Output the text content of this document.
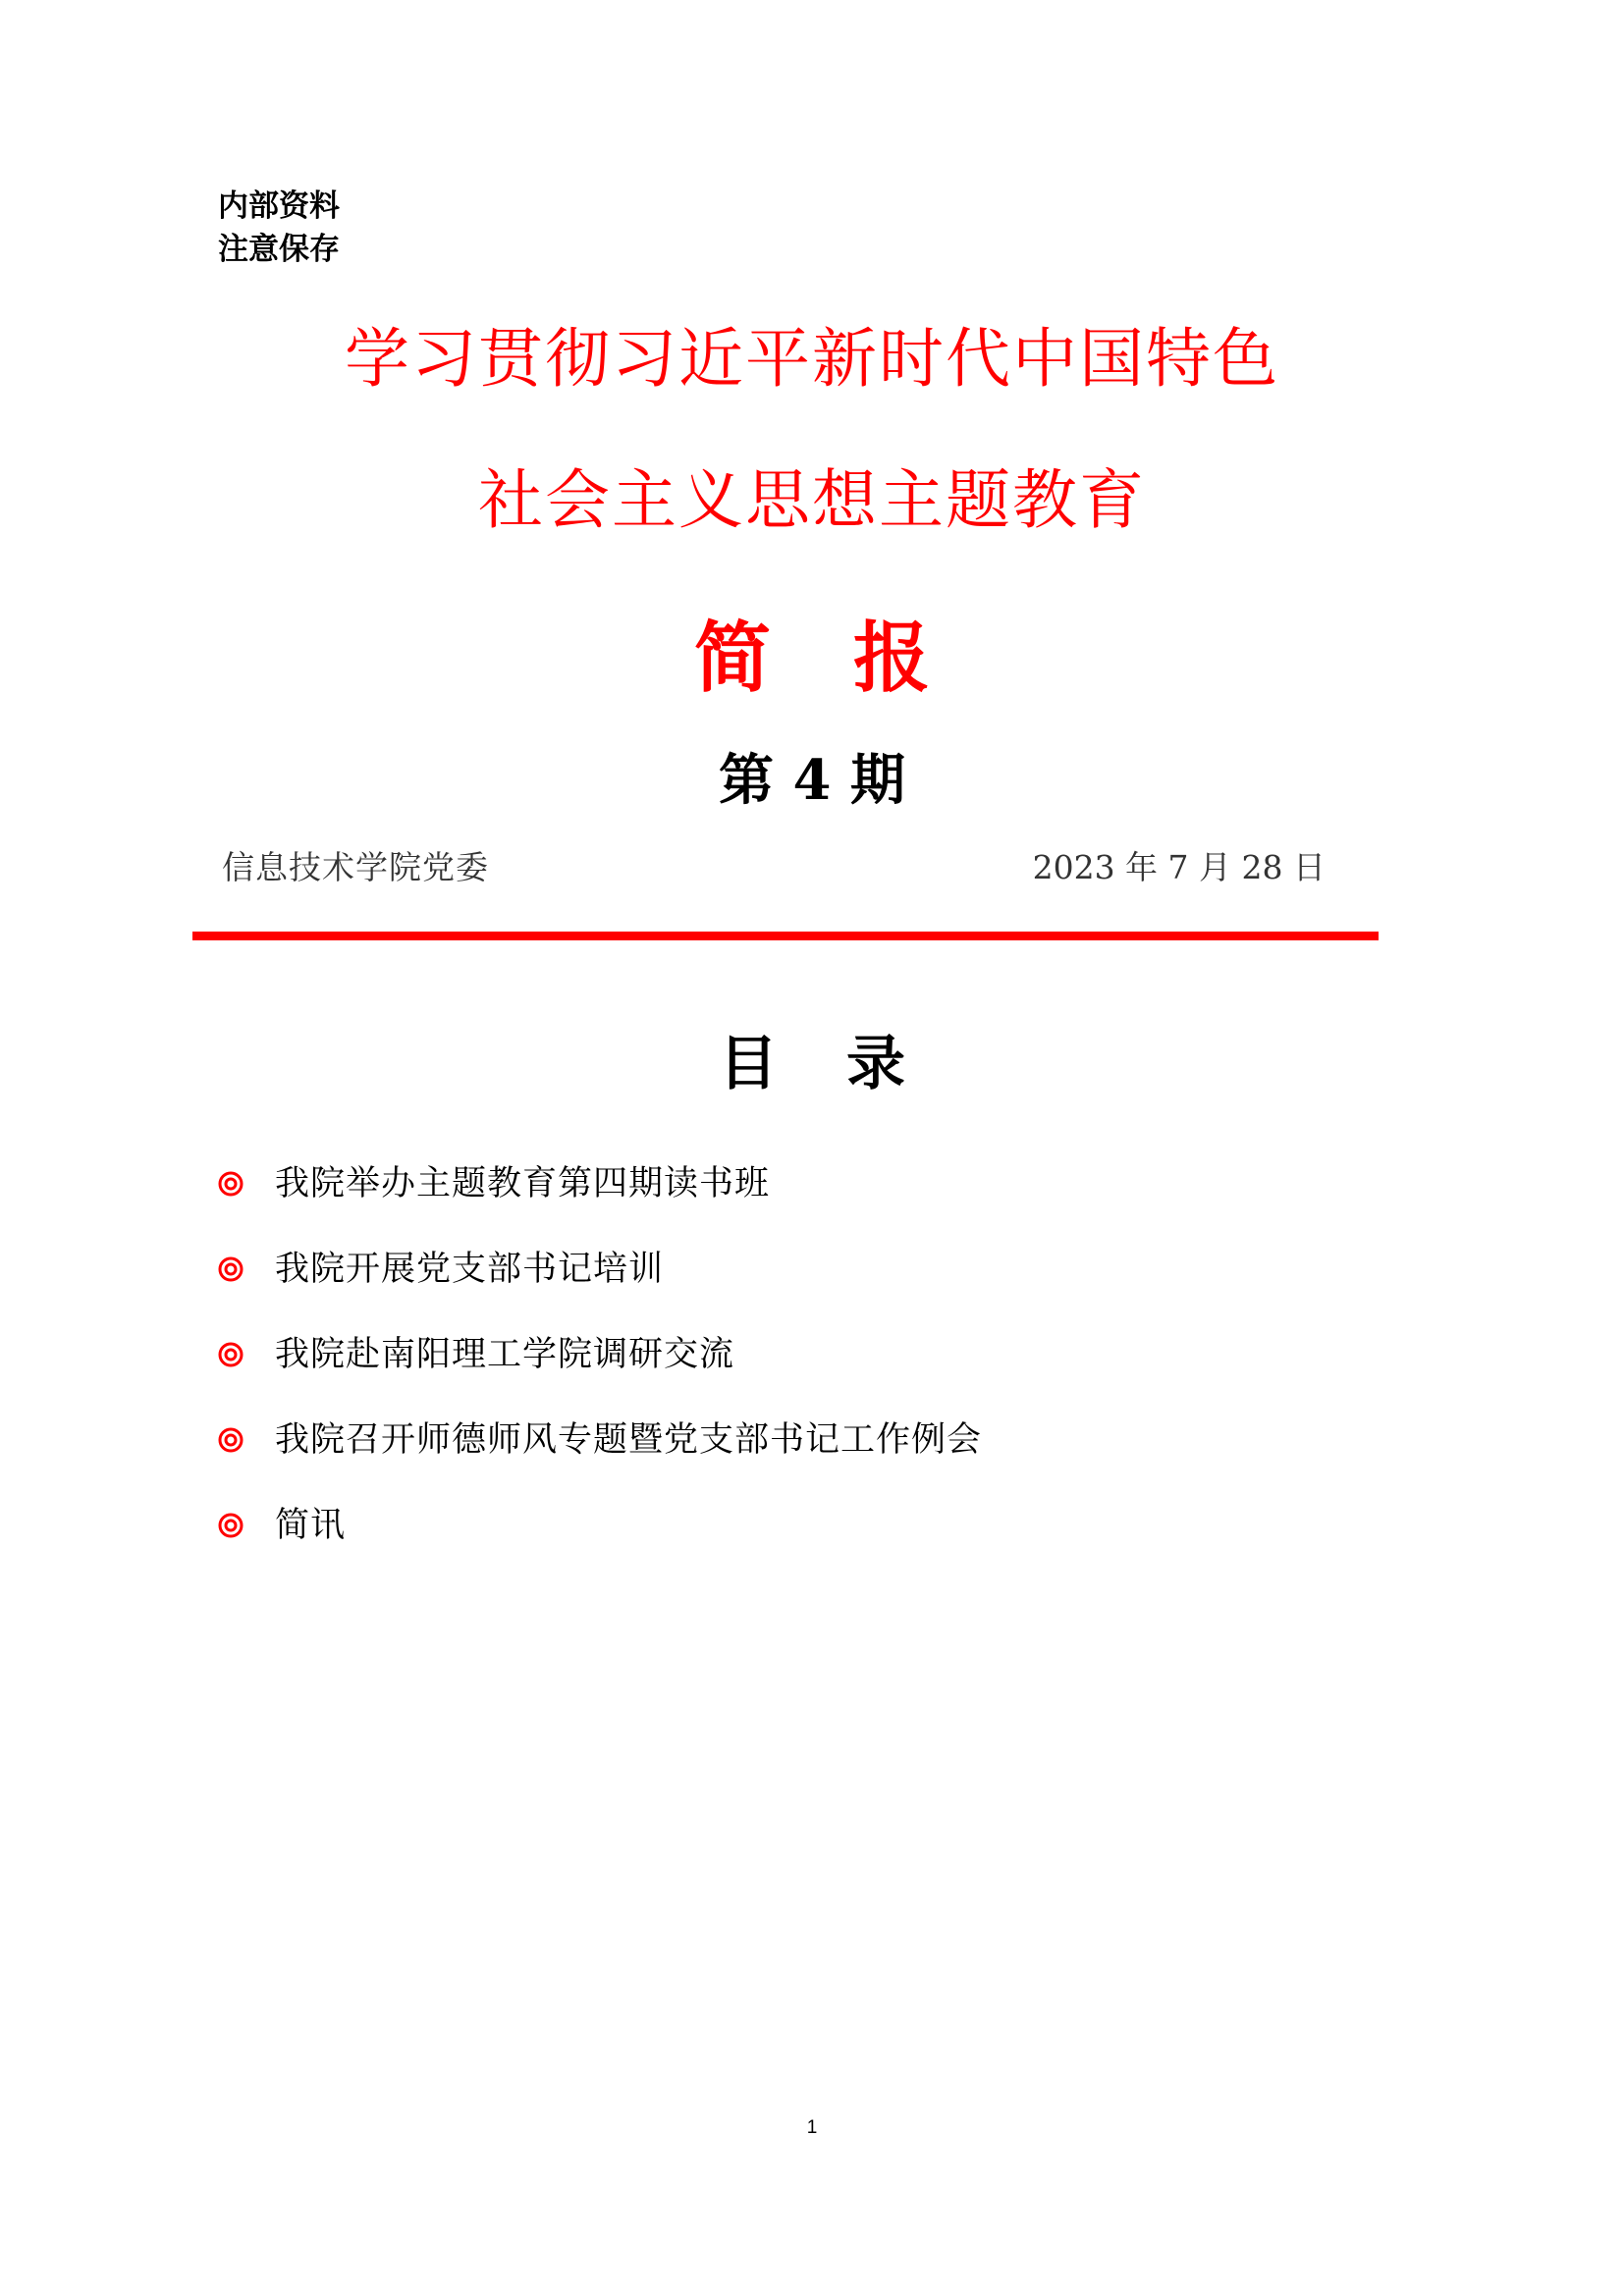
内部资料
注意保存
学习贯彻习近平新时代中国特色
社会主义思想主题教育
简报
第 4 期
信息技术学院党委	2023 年 7 月 28 日
目录
我院举办主题教育第四期读书班
我院开展党支部书记培训
我院赴南阳理工学院调研交流
我院召开师德师风专题暨党支部书记工作例会
简讯
1
